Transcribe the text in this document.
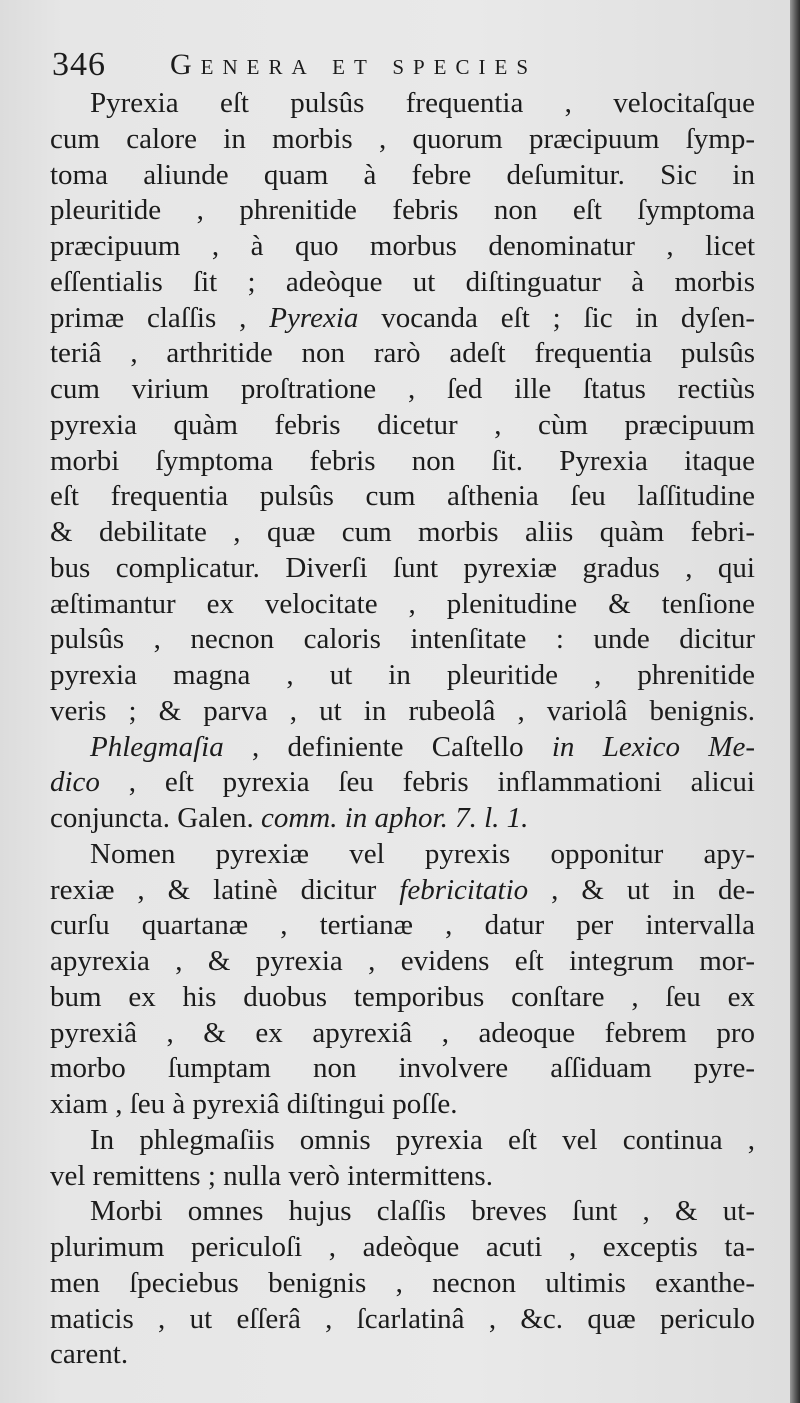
346 Genera et species
Pyrexia eſt pulsûs frequentia , velocitaſque
cum calore in morbis , quorum præcipuum ſymp-
toma aliunde quam à febre deſumitur. Sic in
pleuritide , phrenitide febris non eſt ſymptoma
præcipuum , à quo morbus denominatur , licet
eſſentialis ſit ; adeòque ut diſtinguatur à morbis
primæ claſſis , Pyrexia vocanda eſt ; ſic in dyſen-
teriâ , arthritide non rarò adeſt frequentia pulsûs
cum virium proſtratione , ſed ille ſtatus rectiùs
pyrexia quàm febris dicetur , cùm præcipuum
morbi ſymptoma febris non ſit. Pyrexia itaque
eſt frequentia pulsûs cum aſthenia ſeu laſſitudine
& debilitate , quæ cum morbis aliis quàm febri-
bus complicatur. Diverſi ſunt pyrexiæ gradus , qui
æſtimantur ex velocitate , plenitudine & tenſione
pulsûs , necnon caloris intenſitate : unde dicitur
pyrexia magna , ut in pleuritide , phrenitide
veris ; & parva , ut in rubeolâ , variolâ benignis.
Phlegmaſia , definiente Caſtello in Lexico Me-
dico , eſt pyrexia ſeu febris inflammationi alicui
conjuncta. Galen. comm. in aphor. 7. l. 1.
Nomen pyrexiæ vel pyrexis opponitur apy-
rexiæ , & latinè dicitur febricitatio , & ut in de-
curſu quartanæ , tertianæ , datur per intervalla
apyrexia , & pyrexia , evidens eſt integrum mor-
bum ex his duobus temporibus conſtare , ſeu ex
pyrexiâ , & ex apyrexiâ , adeoque febrem pro
morbo ſumptam non involvere aſſiduam pyre-
xiam , ſeu à pyrexiâ diſtingui poſſe.
In phlegmaſiis omnis pyrexia eſt vel continua ,
vel remittens ; nulla verò intermittens.
Morbi omnes hujus claſſis breves ſunt , & ut-
plurimum periculoſi , adeòque acuti , exceptis ta-
men ſpeciebus benignis , necnon ultimis exanthe-
maticis , ut eſſerâ , ſcarlatinâ , &c. quæ periculo
carent.
